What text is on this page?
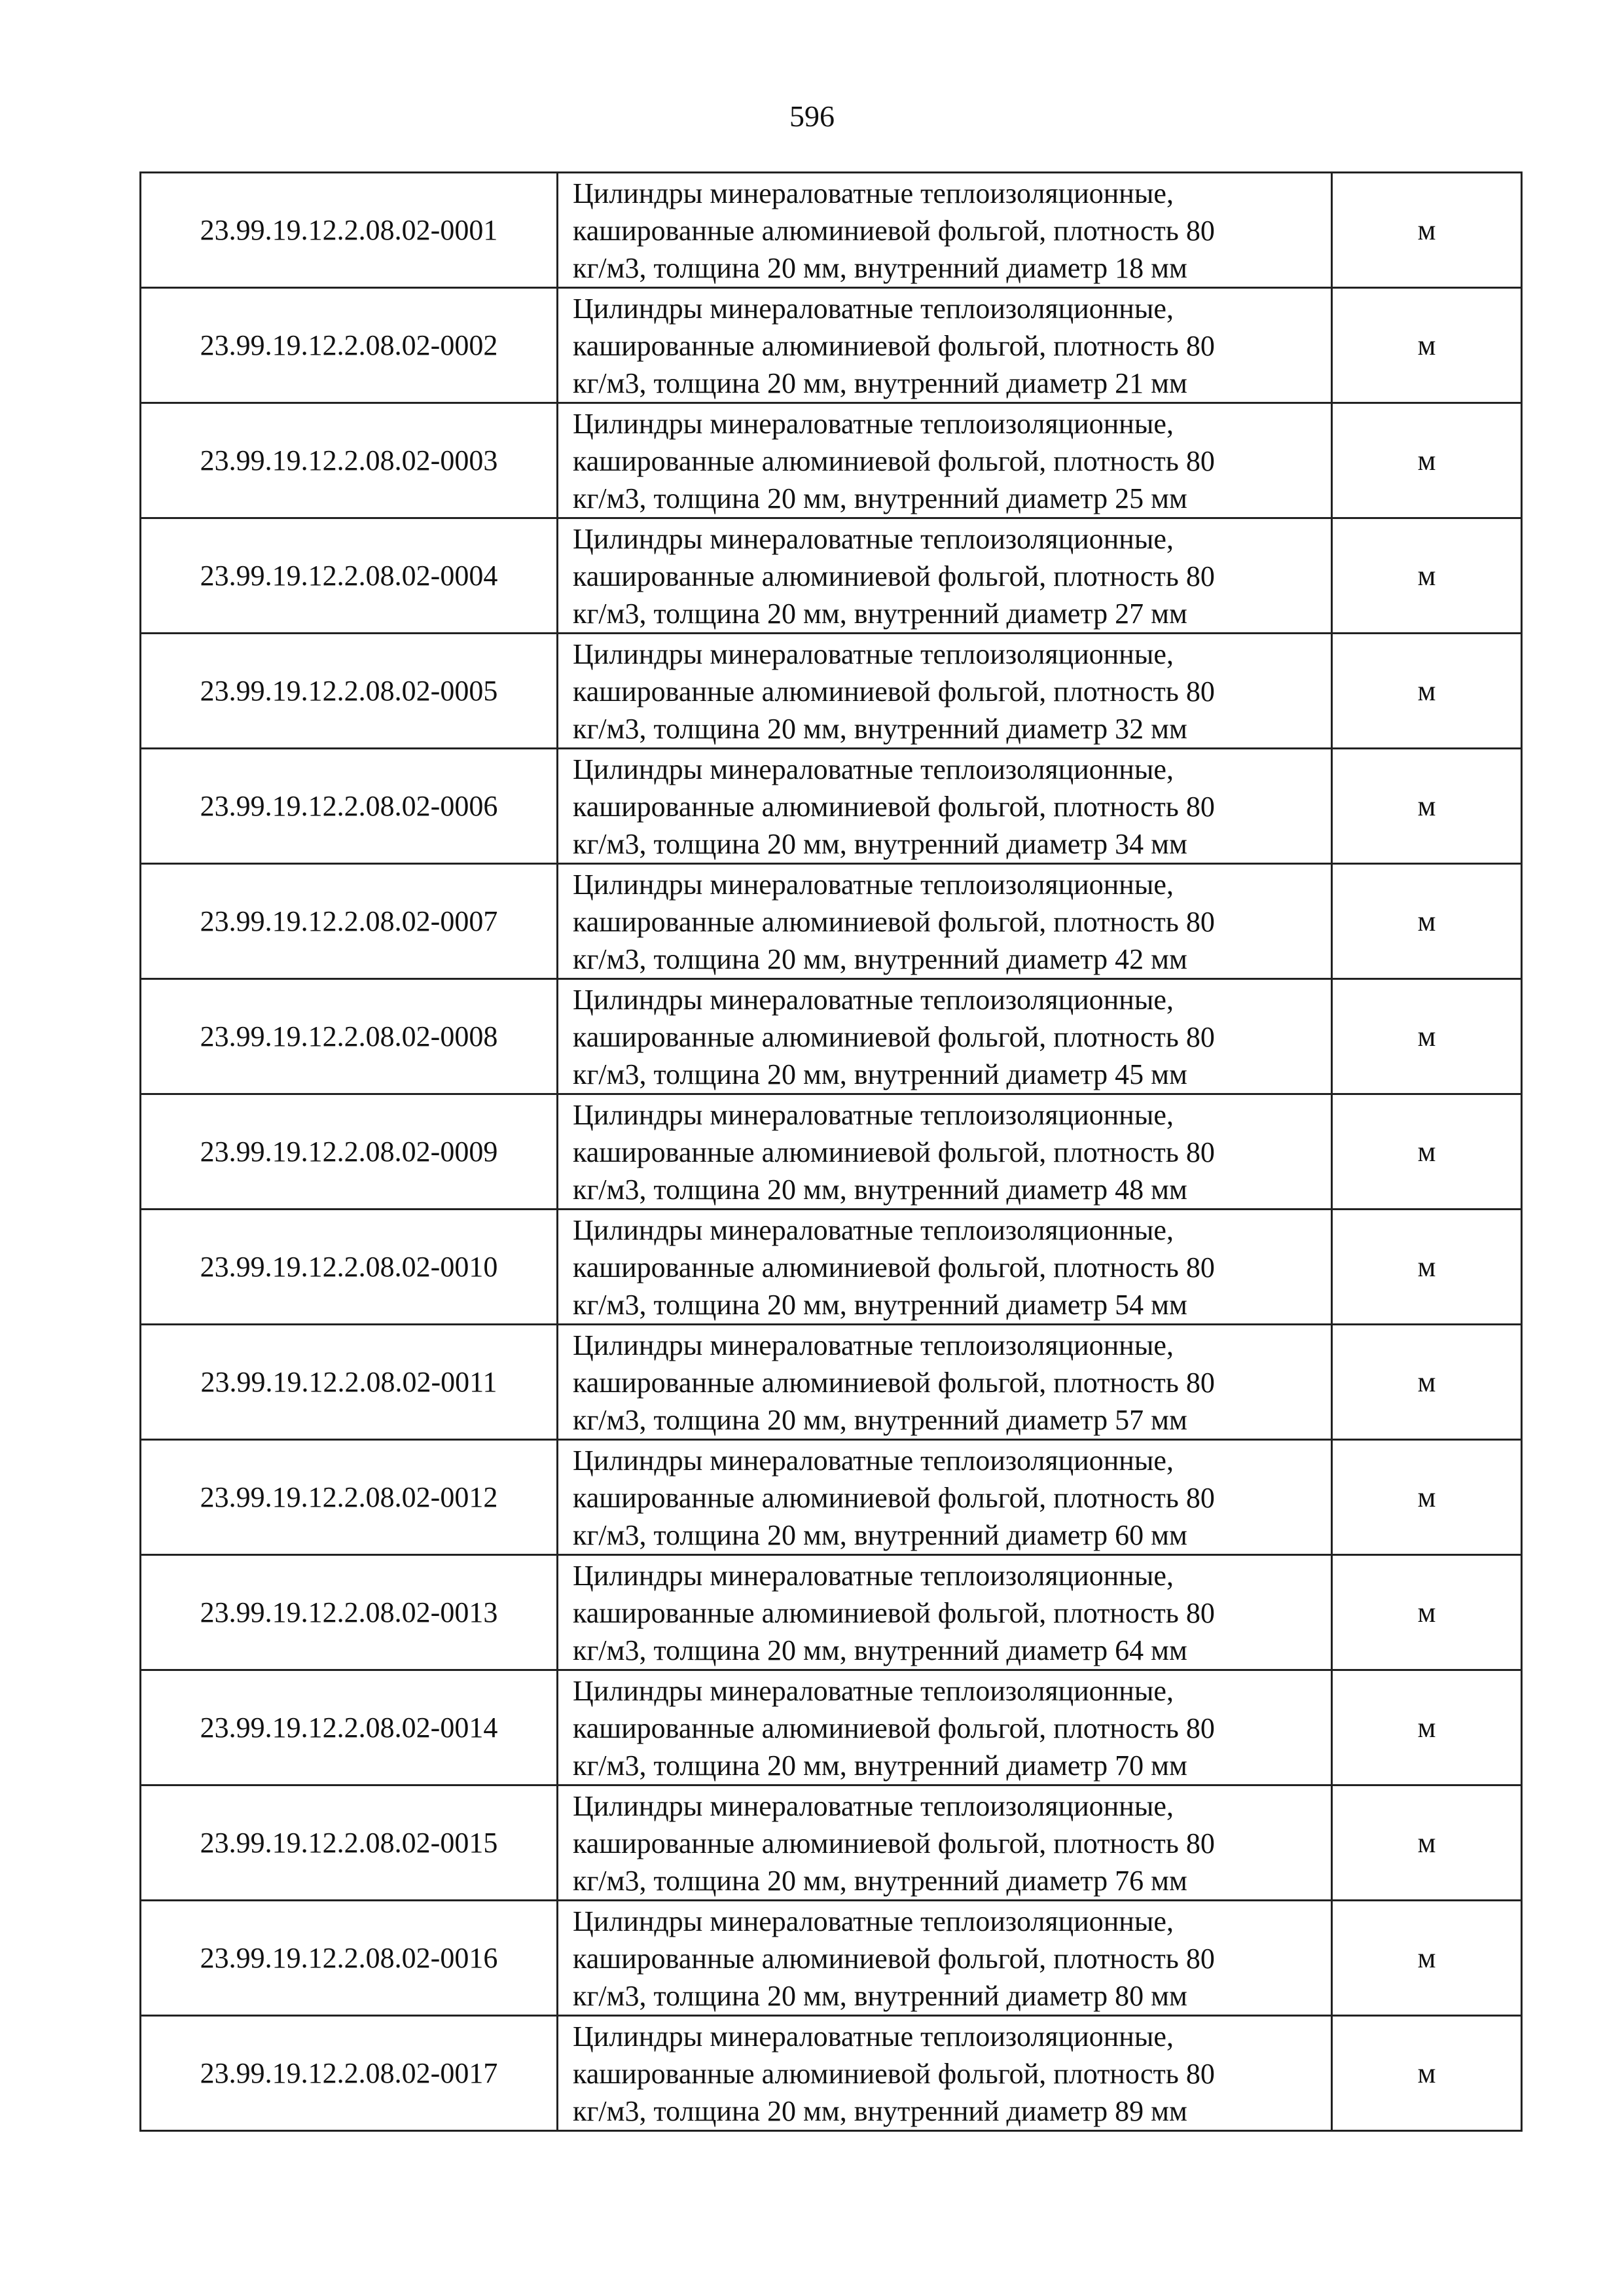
596
23.99.19.12.2.08.02-0001	Цилиндры минераловатные теплоизоляционные,
кашированные алюминиевой фольгой, плотность 80
кг/м3, толщина 20 мм, внутренний диаметр 18 мм	м
23.99.19.12.2.08.02-0002	Цилиндры минераловатные теплоизоляционные,
кашированные алюминиевой фольгой, плотность 80
кг/м3, толщина 20 мм, внутренний диаметр 21 мм	м
23.99.19.12.2.08.02-0003	Цилиндры минераловатные теплоизоляционные,
кашированные алюминиевой фольгой, плотность 80
кг/м3, толщина 20 мм, внутренний диаметр 25 мм	м
23.99.19.12.2.08.02-0004	Цилиндры минераловатные теплоизоляционные,
кашированные алюминиевой фольгой, плотность 80
кг/м3, толщина 20 мм, внутренний диаметр 27 мм	м
23.99.19.12.2.08.02-0005	Цилиндры минераловатные теплоизоляционные,
кашированные алюминиевой фольгой, плотность 80
кг/м3, толщина 20 мм, внутренний диаметр 32 мм	м
23.99.19.12.2.08.02-0006	Цилиндры минераловатные теплоизоляционные,
кашированные алюминиевой фольгой, плотность 80
кг/м3, толщина 20 мм, внутренний диаметр 34 мм	м
23.99.19.12.2.08.02-0007	Цилиндры минераловатные теплоизоляционные,
кашированные алюминиевой фольгой, плотность 80
кг/м3, толщина 20 мм, внутренний диаметр 42 мм	м
23.99.19.12.2.08.02-0008	Цилиндры минераловатные теплоизоляционные,
кашированные алюминиевой фольгой, плотность 80
кг/м3, толщина 20 мм, внутренний диаметр 45 мм	м
23.99.19.12.2.08.02-0009	Цилиндры минераловатные теплоизоляционные,
кашированные алюминиевой фольгой, плотность 80
кг/м3, толщина 20 мм, внутренний диаметр 48 мм	м
23.99.19.12.2.08.02-0010	Цилиндры минераловатные теплоизоляционные,
кашированные алюминиевой фольгой, плотность 80
кг/м3, толщина 20 мм, внутренний диаметр 54 мм	м
23.99.19.12.2.08.02-0011	Цилиндры минераловатные теплоизоляционные,
кашированные алюминиевой фольгой, плотность 80
кг/м3, толщина 20 мм, внутренний диаметр 57 мм	м
23.99.19.12.2.08.02-0012	Цилиндры минераловатные теплоизоляционные,
кашированные алюминиевой фольгой, плотность 80
кг/м3, толщина 20 мм, внутренний диаметр 60 мм	м
23.99.19.12.2.08.02-0013	Цилиндры минераловатные теплоизоляционные,
кашированные алюминиевой фольгой, плотность 80
кг/м3, толщина 20 мм, внутренний диаметр 64 мм	м
23.99.19.12.2.08.02-0014	Цилиндры минераловатные теплоизоляционные,
кашированные алюминиевой фольгой, плотность 80
кг/м3, толщина 20 мм, внутренний диаметр 70 мм	м
23.99.19.12.2.08.02-0015	Цилиндры минераловатные теплоизоляционные,
кашированные алюминиевой фольгой, плотность 80
кг/м3, толщина 20 мм, внутренний диаметр 76 мм	м
23.99.19.12.2.08.02-0016	Цилиндры минераловатные теплоизоляционные,
кашированные алюминиевой фольгой, плотность 80
кг/м3, толщина 20 мм, внутренний диаметр 80 мм	м
23.99.19.12.2.08.02-0017	Цилиндры минераловатные теплоизоляционные,
кашированные алюминиевой фольгой, плотность 80
кг/м3, толщина 20 мм, внутренний диаметр 89 мм	м
